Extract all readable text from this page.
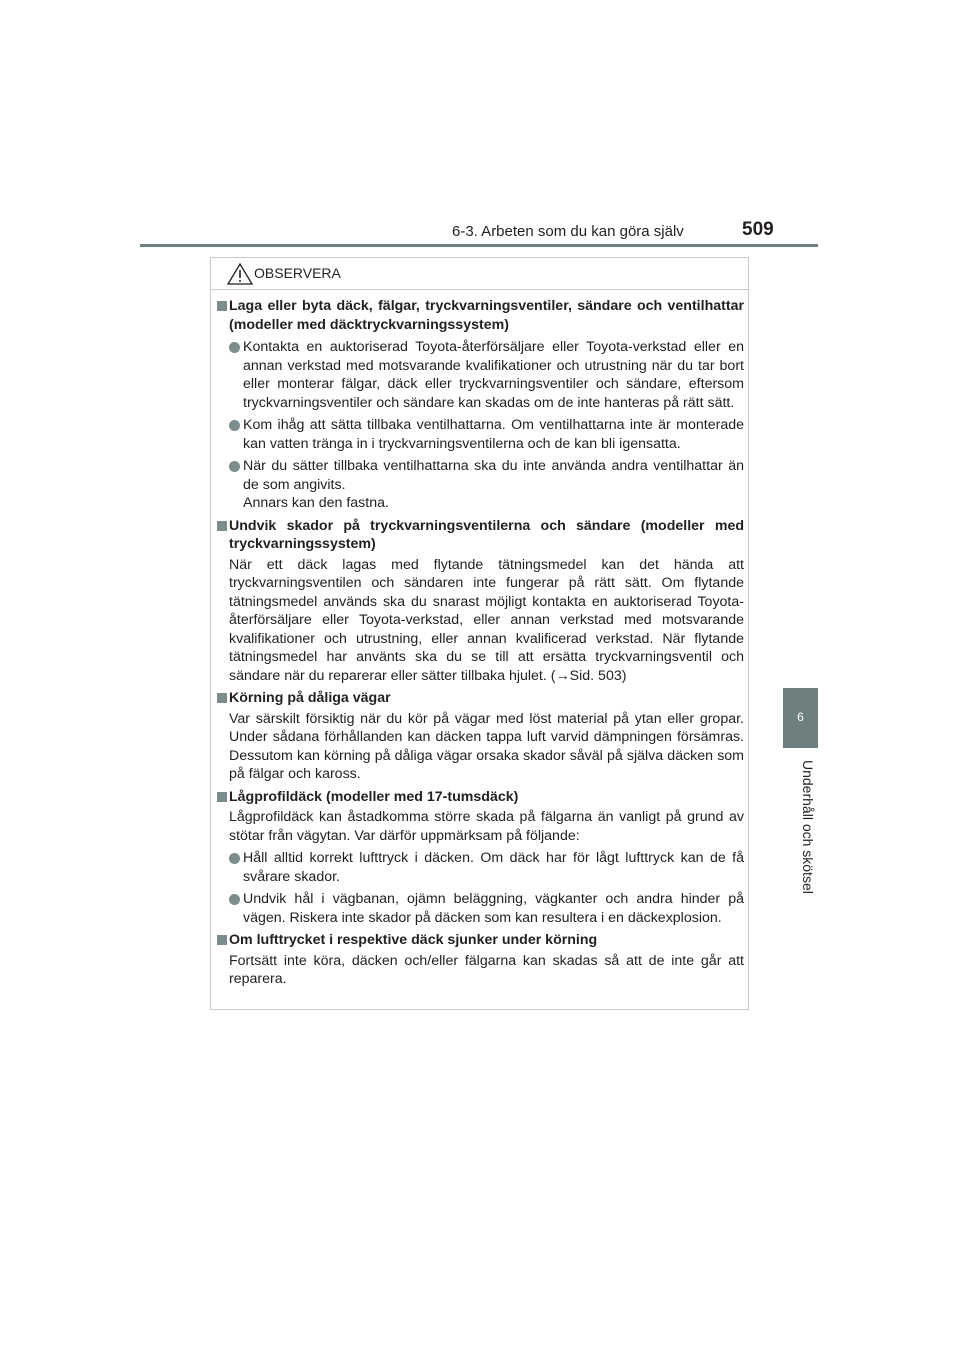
6-3. Arbeten som du kan göra själv	509
6
Underhåll och skötsel
OBSERVERA
Laga eller byta däck, fälgar, tryckvarningsventiler, sändare och ventilhattar (modeller med däcktryckvarningssystem)
Kontakta en auktoriserad Toyota-återförsäljare eller Toyota-verkstad eller en annan verkstad med motsvarande kvalifikationer och utrustning när du tar bort eller monterar fälgar, däck eller tryckvarningsventiler och sändare, eftersom tryckvarningsventiler och sändare kan skadas om de inte hanteras på rätt sätt.
Kom ihåg att sätta tillbaka ventilhattarna. Om ventilhattarna inte är monterade kan vatten tränga in i tryckvarningsventilerna och de kan bli igensatta.
När du sätter tillbaka ventilhattarna ska du inte använda andra ventilhattar än de som angivits.
Annars kan den fastna.
Undvik skador på tryckvarningsventilerna och sändare (modeller med tryckvarningssystem)
När ett däck lagas med flytande tätningsmedel kan det hända att tryckvarningsventilen och sändaren inte fungerar på rätt sätt. Om flytande tätningsmedel används ska du snarast möjligt kontakta en auktoriserad Toyota-återförsäljare eller Toyota-verkstad, eller annan verkstad med motsvarande kvalifikationer och utrustning, eller annan kvalificerad verkstad. När flytande tätningsmedel har använts ska du se till att ersätta tryckvarningsventil och sändare när du reparerar eller sätter tillbaka hjulet. (→Sid. 503)
Körning på dåliga vägar
Var särskilt försiktig när du kör på vägar med löst material på ytan eller gropar. Under sådana förhållanden kan däcken tappa luft varvid dämpningen försämras. Dessutom kan körning på dåliga vägar orsaka skador såväl på själva däcken som på fälgar och kaross.
Lågprofildäck (modeller med 17-tumsdäck)
Lågprofildäck kan åstadkomma större skada på fälgarna än vanligt på grund av stötar från vägytan. Var därför uppmärksam på följande:
Håll alltid korrekt lufttryck i däcken. Om däck har för lågt lufttryck kan de få svårare skador.
Undvik hål i vägbanan, ojämn beläggning, vägkanter och andra hinder på vägen. Riskera inte skador på däcken som kan resultera i en däckexplosion.
Om lufttrycket i respektive däck sjunker under körning
Fortsätt inte köra, däcken och/eller fälgarna kan skadas så att de inte går att reparera.
